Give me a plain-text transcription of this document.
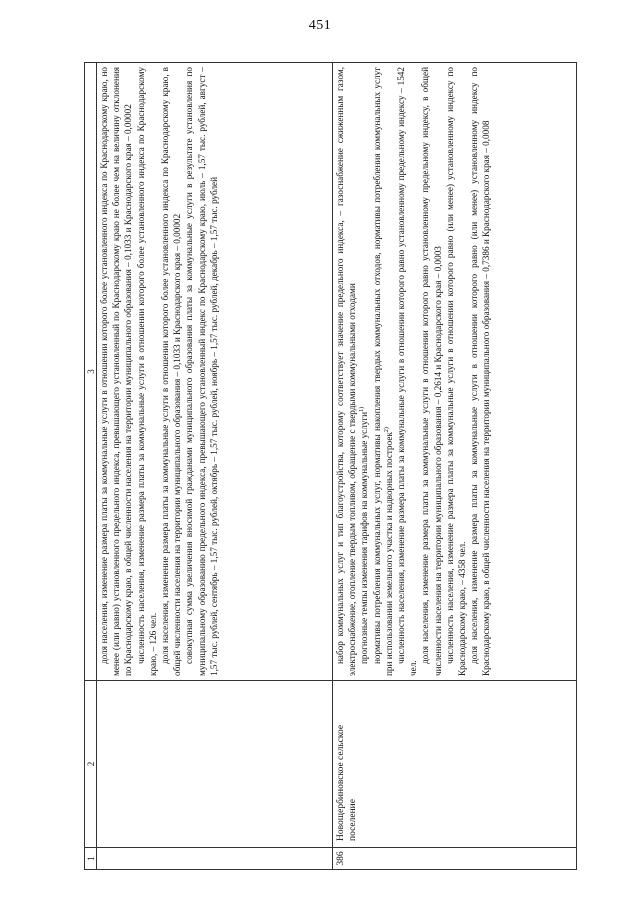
451
1
2
3 доля населения, изменение размера платы за коммунальные услуги в отношении которого более установленного индекса по Краснодарскому краю, но менее (или равно) установленного предельного индекса, превышающего установленный по Краснодарскому краю не более чем на величину отклонения по Краснодарскому краю, в общей численности населения на территории муниципального образования – 0,1033 и Краснодарского края – 0,00002 численность населения, изменение размера платы за коммунальные услуги в отношении которого более установленного индекса по Краснодарскому краю, – 126 чел. доля населения, изменение размера платы за коммунальные услуги в отношении которого более установленного индекса по Краснодарскому краю, в общей численности населения на территории муниципального образования – 0,1033 и Краснодарского края – 0,00002 совокупная сумма увеличения вносимой гражданами муниципального образования платы за коммунальные услуги в результате установления по муниципальному образованию предельного индекса, превышающего установленный индекс по Краснодарскому краю, июль – 1,57 тыс. рублей, август – 1,57 тыс. рублей, сентябрь – 1,57 тыс. рублей, октябрь – 1,57 тыс. рублей, ноябрь – 1,57 тыс. рублей, декабрь – 1,57 тыс. рублей

386
Новощербиновское сельское поселение

набор коммунальных услуг и тип благоустройства, которому соответствует значение предельного индекса, – газоснабжение сжиженным газом, электроснабжение, отопление твердым топливом, обращение с твердыми коммунальными отходами прогнозные темпы изменения тарифов на коммунальные услуги$^{1)}$ нормативы потребления коммунальных услуг, нормативы накопления твердых коммунальных отходов, нормативы потребления коммунальных услуг при использовании земельного участка и надворных построек$^{2)}$ численность населения, изменение размера платы за коммунальные услуги в отношении которого равно установленному предельному индексу – 1542 чел.

доля населения, изменение размера платы за коммунальные услуги в отношении которого равно установленному предельному индексу, в общей численности населения на территории муниципального образования – 0,2614 и Краснодарского края – 0,0003 численность населения, изменение размера платы за коммунальные услуги в отношении которого равно (или менее) установленному индексу по Краснодарскому краю, – 4358 чел. доля населения, изменение размера платы за коммунальные услуги в отношении которого равно (или менее) установленному индексу по Краснодарскому краю, в общей численности населения на территории муниципального образования – 0,7386 и Краснодарского края – 0,0008
